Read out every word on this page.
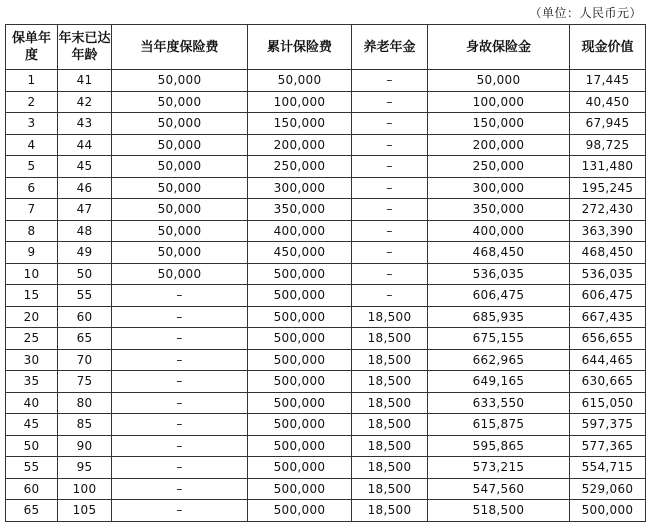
（单位：人民币元）
保单年度	年末已达年龄	当年度保险费	累计保险费	养老年金	身故保险金	现金价值
1	41	50,000	50,000	–	50,000	17,445
2	42	50,000	100,000	–	100,000	40,450
3	43	50,000	150,000	–	150,000	67,945
4	44	50,000	200,000	–	200,000	98,725
5	45	50,000	250,000	–	250,000	131,480
6	46	50,000	300,000	–	300,000	195,245
7	47	50,000	350,000	–	350,000	272,430
8	48	50,000	400,000	–	400,000	363,390
9	49	50,000	450,000	–	468,450	468,450
10	50	50,000	500,000	–	536,035	536,035
15	55	–	500,000	–	606,475	606,475
20	60	–	500,000	18,500	685,935	667,435
25	65	–	500,000	18,500	675,155	656,655
30	70	–	500,000	18,500	662,965	644,465
35	75	–	500,000	18,500	649,165	630,665
40	80	–	500,000	18,500	633,550	615,050
45	85	–	500,000	18,500	615,875	597,375
50	90	–	500,000	18,500	595,865	577,365
55	95	–	500,000	18,500	573,215	554,715
60	100	–	500,000	18,500	547,560	529,060
65	105	–	500,000	18,500	518,500	500,000
